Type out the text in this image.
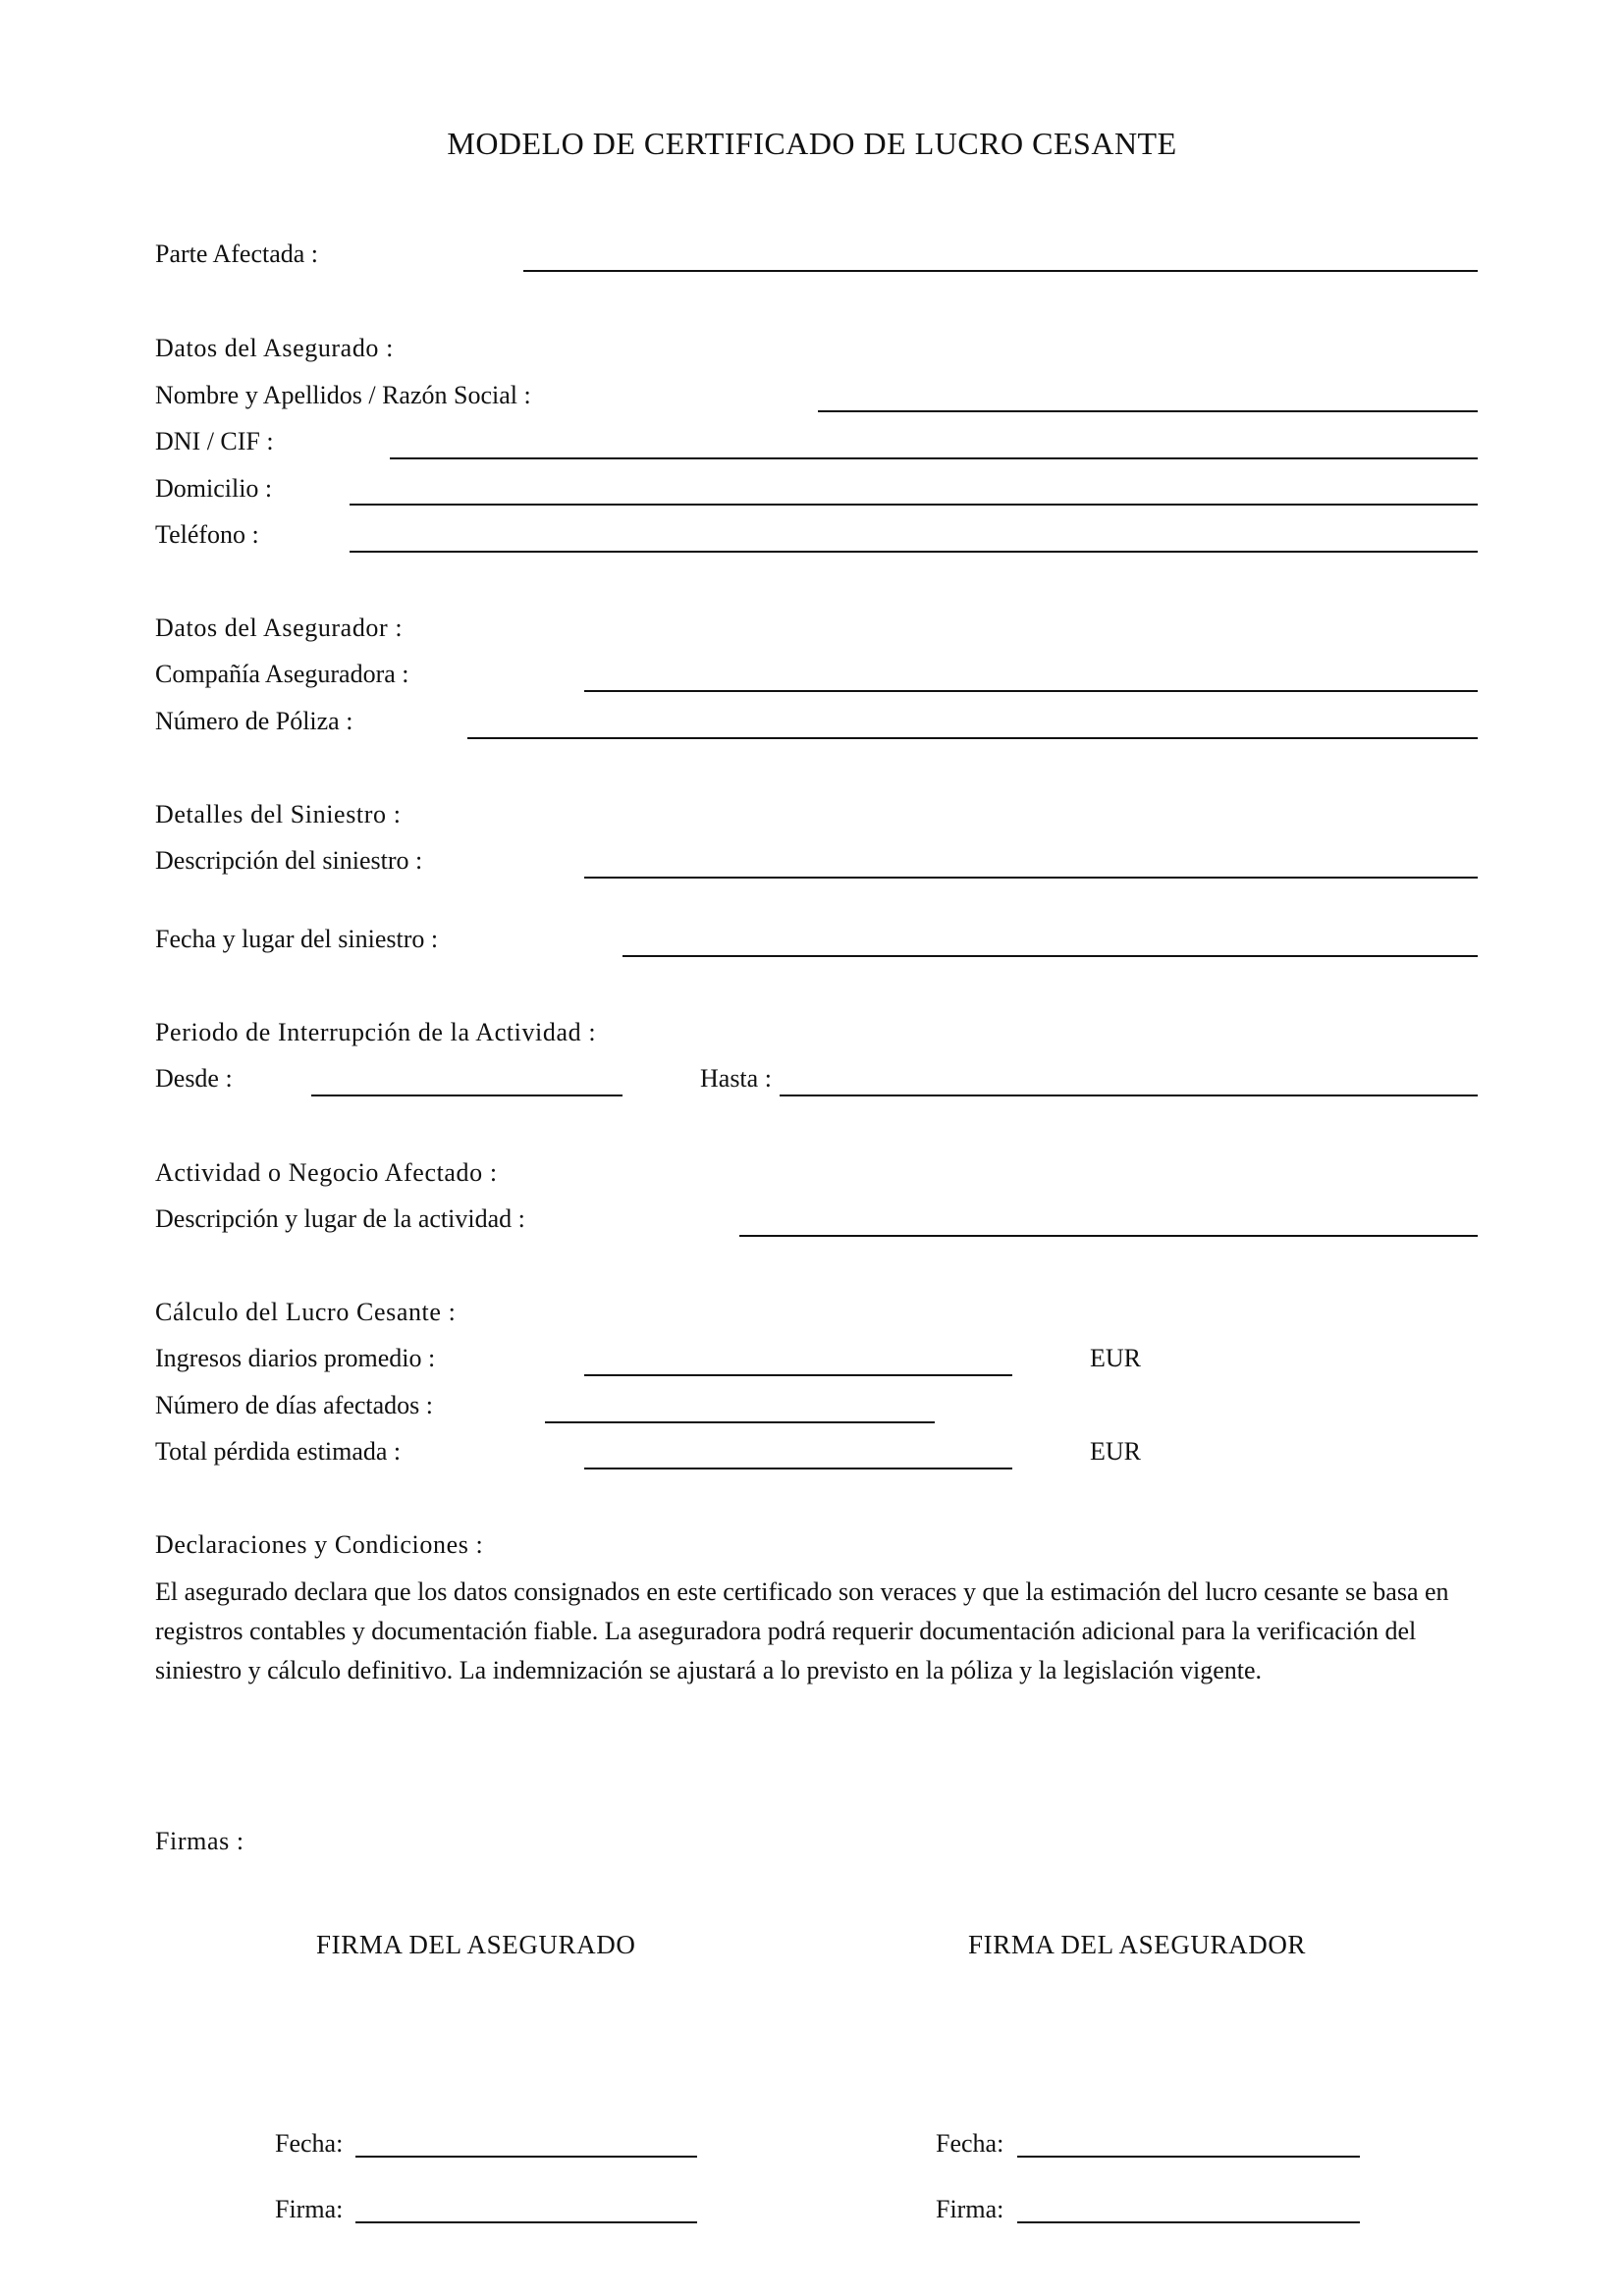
MODELO DE CERTIFICADO DE LUCRO CESANTE
Parte Afectada :
Datos del Asegurado :
Nombre y Apellidos / Razón Social :
DNI / CIF :
Domicilio :
Teléfono :
Datos del Asegurador :
Compañía Aseguradora :
Número de Póliza :
Detalles del Siniestro :
Descripción del siniestro :
Fecha y lugar del siniestro :
Periodo de Interrupción de la Actividad :
Desde :	Hasta :
Actividad o Negocio Afectado :
Descripción y lugar de la actividad :
Cálculo del Lucro Cesante :
Ingresos diarios promedio :	EUR
Número de días afectados :
Total pérdida estimada :	EUR
Declaraciones y Condiciones :
El asegurado declara que los datos consignados en este certificado son veraces y que la estimación del lucro cesante se basa en registros contables y documentación fiable. La aseguradora podrá requerir documentación adicional para la verificación del siniestro y cálculo definitivo. La indemnización se ajustará a lo previsto en la póliza y la legislación vigente.
Firmas :
FIRMA DEL ASEGURADO	FIRMA DEL ASEGURADOR
Fecha:	Fecha:
Firma:	Firma:
